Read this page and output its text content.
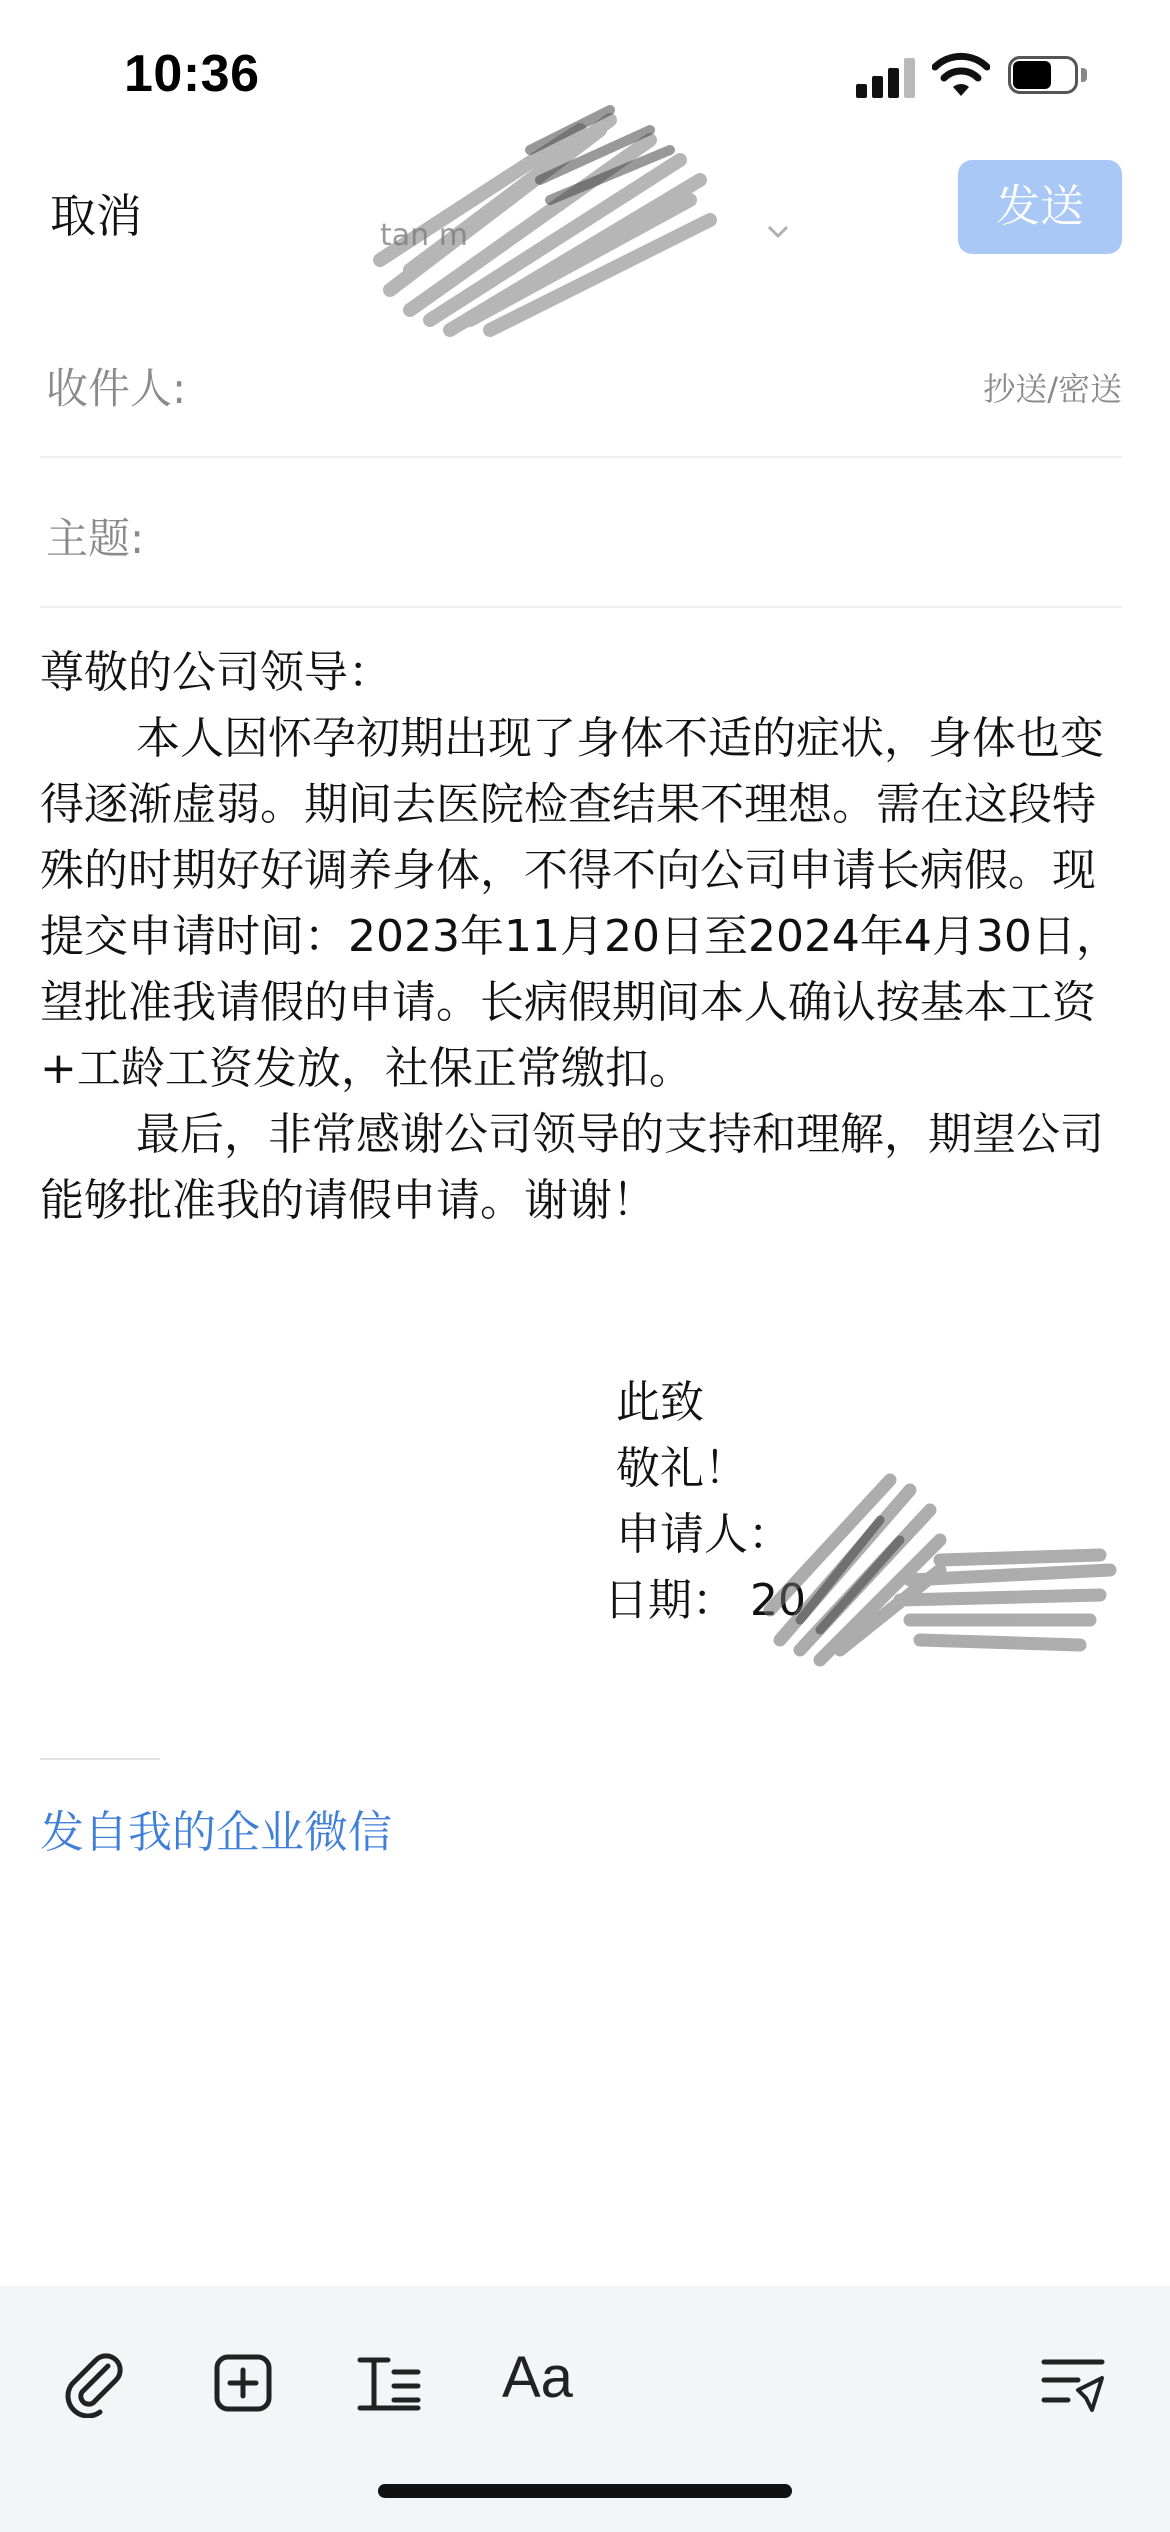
10:36
取消	tan m
发送
收件人:	抄送/密送
主题:

尊敬的公司领导：

本人因怀孕初期出现了身体不适的症状，身体也变得逐渐虚弱。期间去医院检查结果不理想。需在这段特殊的时期好好调养身体，不得不向公司申请长病假。现提交申请时间：2023年11月20日至2024年4月30日，望批准我请假的申请。长病假期间本人确认按基本工资+工龄工资发放，社保正常缴扣。

最后，非常感谢公司领导的支持和理解，期望公司能够批准我的请假申请。谢谢！

此致
敬礼！
申请人：
日期： 20
发自我的企业微信
Aa
